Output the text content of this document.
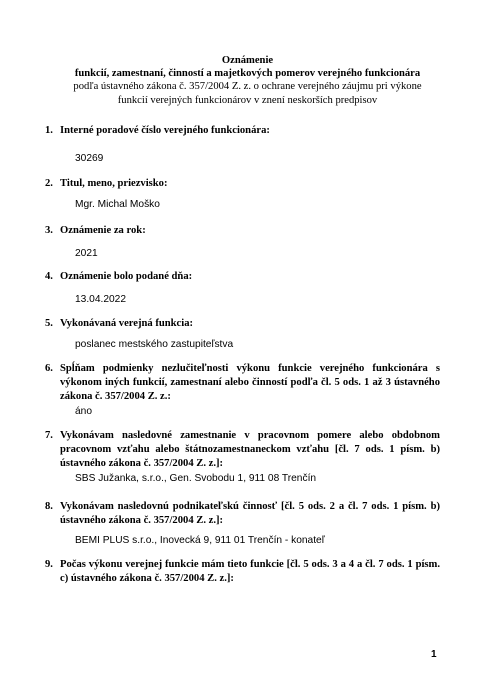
Oznámenie
funkcií, zamestnaní, činností a majetkových pomerov verejného funkcionára
podľa ústavného zákona č. 357/2004 Z. z. o ochrane verejného záujmu pri výkone
funkcií verejných funkcionárov v znení neskorších predpisov
1. Interné poradové číslo verejného funkcionára:
30269
2. Titul, meno, priezvisko:
Mgr. Michal Moško
3. Oznámenie za rok:
2021
4. Oznámenie bolo podané dňa:
13.04.2022
5. Vykonávaná verejná funkcia:
poslanec mestského zastupiteľstva
6. Spĺňam podmienky nezlučiteľnosti výkonu funkcie verejného funkcionára s výkonom iných funkcií, zamestnaní alebo činností podľa čl. 5 ods. 1 až 3 ústavného zákona č. 357/2004 Z. z.:
áno
7. Vykonávam nasledovné zamestnanie v pracovnom pomere alebo obdobnom pracovnom vzťahu alebo štátnozamestnaneckom vzťahu [čl. 7 ods. 1 písm. b) ústavného zákona č. 357/2004 Z. z.]:
SBS Južanka, s.r.o., Gen. Svobodu 1, 911 08 Trenčín
8. Vykonávam nasledovnú podnikateľskú činnosť [čl. 5 ods. 2 a čl. 7 ods. 1 písm. b) ústavného zákona č. 357/2004 Z. z.]:
BEMI PLUS s.r.o., Inovecká 9, 911 01 Trenčín - konateľ
9. Počas výkonu verejnej funkcie mám tieto funkcie [čl. 5 ods. 3 a 4 a čl. 7 ods. 1 písm. c) ústavného zákona č. 357/2004 Z. z.]:
1
